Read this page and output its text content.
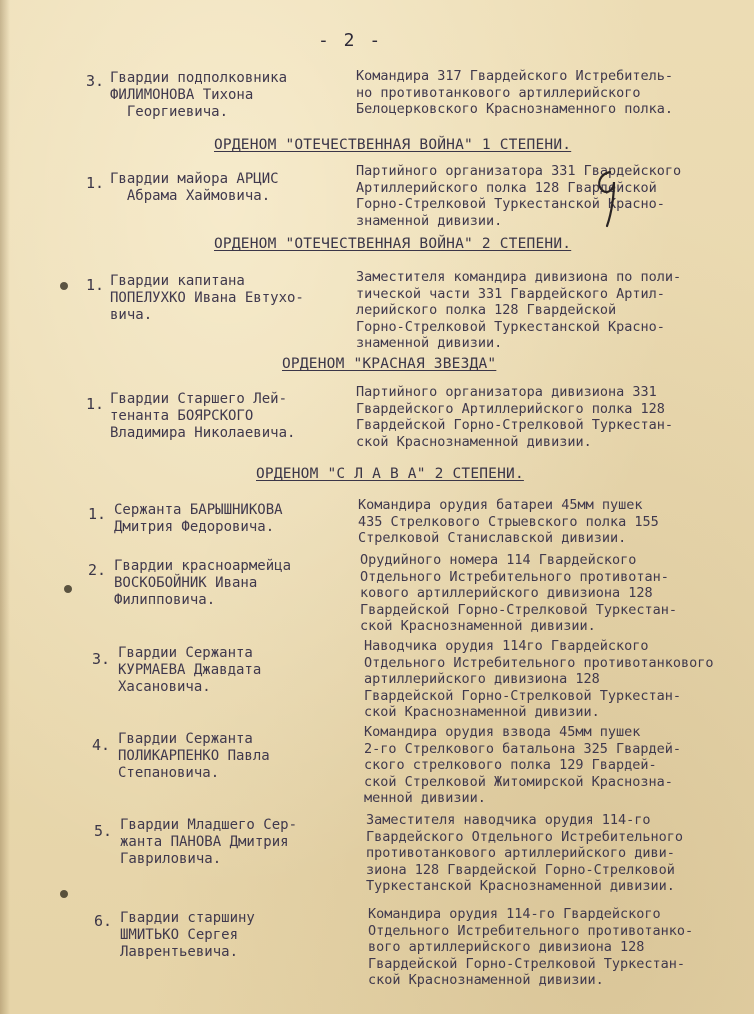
- 2 -
3. Гвардии подполковника
ФИЛИМОНОВА Тихона
Георгиевича.
Командира 317 Гвардейского Истребитель-
но противотанкового артиллерийского
Белоцерковского Краснознаменного полка.
ОРДЕНОМ "ОТЕЧЕСТВЕННАЯ ВОЙНА" 1 СТЕПЕНИ.
1. Гвардии майора АРЦИС
Абрама Хаймовича.
Партийного организатора 331 Гвардейского
Артиллерийского полка 128 Гвардейской
Горно-Стрелковой Туркестанской Красно-
знаменной дивизии.
ОРДЕНОМ "ОТЕЧЕСТВЕННАЯ ВОЙНА" 2 СТЕПЕНИ.
1. Гвардии капитана
ПОПЕЛУХКО Ивана Евтухо-
вича.
Заместителя командира дивизиона по поли-
тической части 331 Гвардейского Артил-
лерийского полка 128 Гвардейской
Горно-Стрелковой Туркестанской Красно-
знаменной дивизии.
ОРДЕНОМ "КРАСНАЯ ЗВЕЗДА"
1. Гвардии Старшего Лей-
тенанта БОЯРСКОГО
Владимира Николаевича.
Партийного организатора дивизиона 331
Гвардейского Артиллерийского полка 128
Гвардейской Горно-Стрелковой Туркестан-
ской Краснознаменной дивизии.
ОРДЕНОМ "С Л А В А" 2 СТЕПЕНИ.
1. Сержанта БАРЫШНИКОВА
Дмитрия Федоровича.
Командира орудия батареи 45мм пушек
435 Стрелкового Стрыевского полка 155
Стрелковой Станиславской дивизии.
2. Гвардии красноармейца
ВОСКОБОЙНИК Ивана
Филипповича.
Орудийного номера 114 Гвардейского
Отдельного Истребительного противотан-
кового артиллерийского дивизиона 128
Гвардейской Горно-Стрелковой Туркестан-
ской Краснознаменной дивизии.
3. Гвардии Сержанта
КУРМАЕВА Джавдата
Хасановича.
Наводчика орудия 114го Гвардейского
Отдельного Истребительного противотанкового
артиллерийского дивизиона 128
Гвардейской Горно-Стрелковой Туркестан-
ской Краснознаменной дивизии.
4. Гвардии Сержанта
ПОЛИКАРПЕНКО Павла
Степановича.
Командира орудия взвода 45мм пушек
2-го Стрелкового батальона 325 Гвардей-
ского стрелкового полка 129 Гвардей-
ской Стрелковой Житомирской Краснозна-
менной дивизии.
5. Гвардии Младшего Сер-
жанта ПАНОВА Дмитрия
Гавриловича.
Заместителя наводчика орудия 114-го
Гвардейского Отдельного Истребительного
противотанкового артиллерийского диви-
зиона 128 Гвардейской Горно-Стрелковой
Туркестанской Краснознаменной дивизии.
6. Гвардии старшину
ШМИТЬКО Сергея
Лаврентьевича.
Командира орудия 114-го Гвардейского
Отдельного Истребительного противотанко-
вого артиллерийского дивизиона 128
Гвардейской Горно-Стрелковой Туркестан-
ской Краснознаменной дивизии.
